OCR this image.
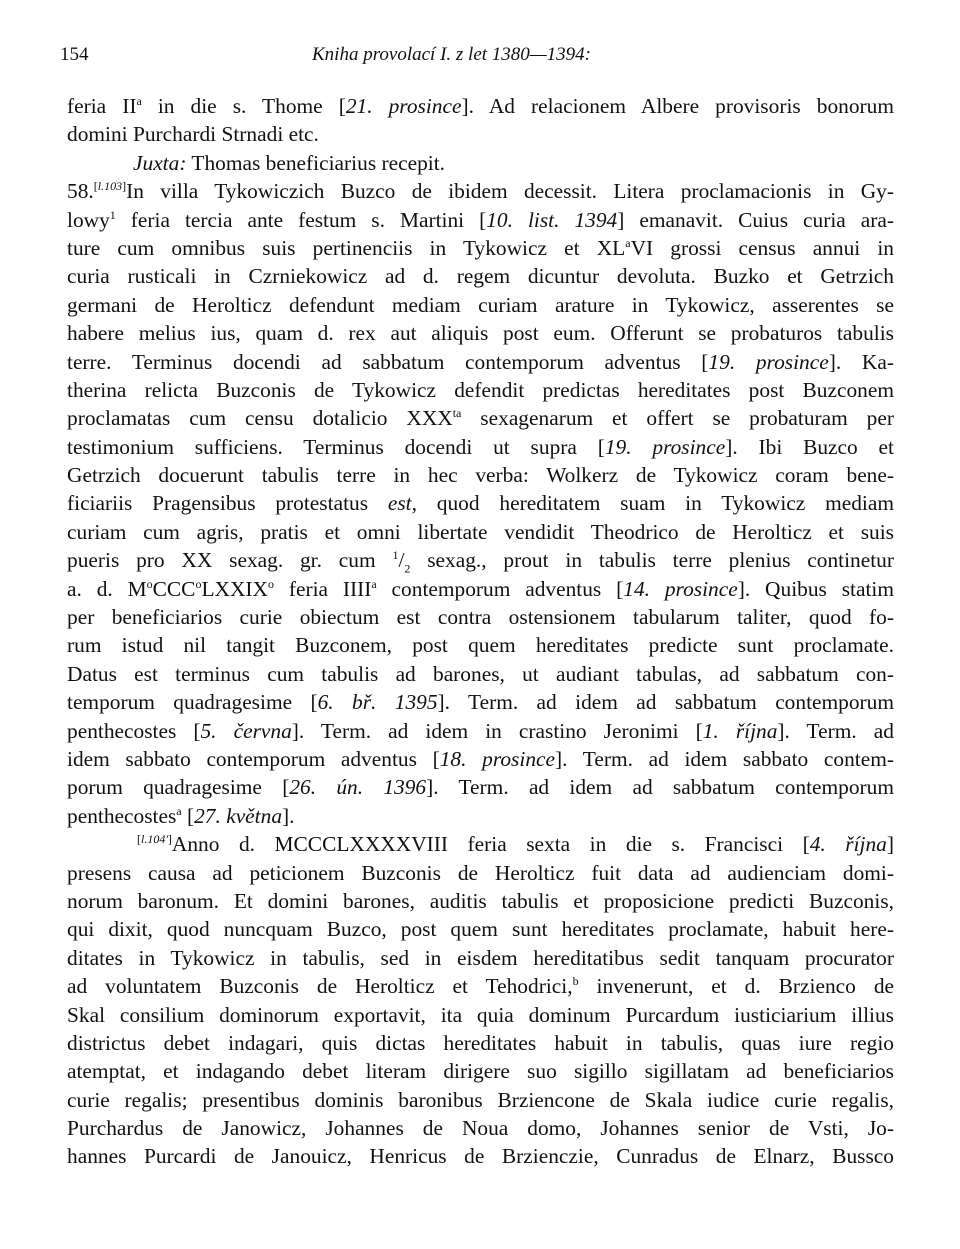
154	Kniha provolací I. z let 1380—1394:
feria $II^a$ in die s. Thome [21. prosince]. Ad relacionem Albere provisoris bonorum
domini Purchardi Strnadi etc.
Juxta: Thomas beneficiarius recepit.
58.[l.103]In villa Tykowiczich Buzco de ibidem decessit. Litera proclamacionis in Gy-
lowy$^1$ feria tercia ante festum s. Martini [10. list. 1394] emanavit. Cuius curia ara-
ture cum omnibus suis pertinenciis in Tykowicz et $XL^aVI$ grossi census annui in
curia rusticali in Czrniekowicz ad d. regem dicuntur devoluta. Buzko et Getrzich
germani de Herolticz defendunt mediam curiam arature in Tykowicz, asserentes se
habere melius ius, quam d. rex aut aliquis post eum. Offerunt se probaturos tabulis
terre. Terminus docendi ad sabbatum contemporum adventus [19. prosince]. Ka-
therina relicta Buzconis de Tykowicz defendit predictas hereditates post Buzconem
proclamatas cum censu dotalicio $XXX^{ta}$ sexagenarum et offert se probaturam per
testimonium sufficiens. Terminus docendi ut supra [19. prosince]. Ibi Buzco et
Getrzich docuerunt tabulis terre in hec verba: Wolkerz de Tykowicz coram bene-
ficiariis Pragensibus protestatus est, quod hereditatem suam in Tykowicz mediam
curiam cum agris, pratis et omni libertate vendidit Theodrico de Herolticz et suis
pueris pro XX sexag. gr. cum $^1/_2$ sexag., prout in tabulis terre plenius continetur
a. d. $M^oCCC^oLXXIX^o$ feria IIII$^a$ contemporum adventus [14. prosince]. Quibus statim
per beneficiarios curie obiectum est contra ostensionem tabularum taliter, quod fo-
rum istud nil tangit Buzconem, post quem hereditates predicte sunt proclamate.
Datus est terminus cum tabulis ad barones, ut audiant tabulas, ad sabbatum con-
temporum quadragesime [6. bř. 1395]. Term. ad idem ad sabbatum contemporum
penthecostes [5. června]. Term. ad idem in crastino Jeronimi [1. října]. Term. ad
idem sabbato contemporum adventus [18. prosince]. Term. ad idem sabbato contem-
porum quadragesime [26. ún. 1396]. Term. ad idem ad sabbatum contemporum
penthecostes$^a$ [27. května].
[l.104']Anno d. MCCCLXXXXVIII feria sexta in die s. Francisci [4. října]
presens causa ad peticionem Buzconis de Herolticz fuit data ad audienciam domi-
norum baronum. Et domini barones, auditis tabulis et proposicione predicti Buzconis,
qui dixit, quod nuncquam Buzco, post quem sunt hereditates proclamate, habuit here-
ditates in Tykowicz in tabulis, sed in eisdem hereditatibus sedit tanquam procurator
ad voluntatem Buzconis de Herolticz et Tehodrici,$^b$ invenerunt, et d. Brzienco de
Skal consilium dominorum exportavit, ita quia dominum Purcardum iusticiarium illius
districtus debet indagari, quis dictas hereditates habuit in tabulis, quas iure regio
atemptat, et indagando debet literam dirigere suo sigillo sigillatam ad beneficiarios
curie regalis; presentibus dominis baronibus Brziencone de Skala iudice curie regalis,
Purchardus de Janowicz, Johannes de Noua domo, Johannes senior de Vsti, Jo-
hannes Purcardi de Janouicz, Henricus de Brzienczie, Cunradus de Elnarz, Bussco
